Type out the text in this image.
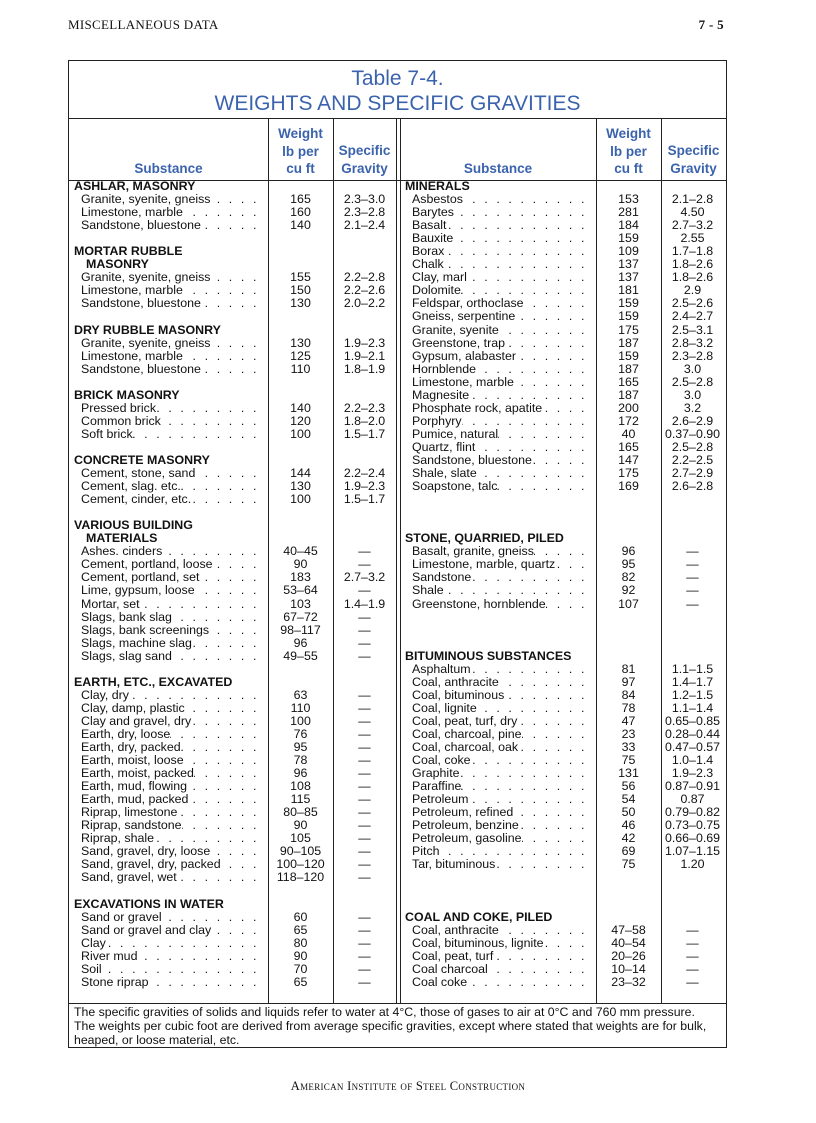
MISCELLANEOUS DATA	7 - 5
Table 7-4.
WEIGHTS AND SPECIFIC GRAVITIES
Substance
Weight
lb per
cu ft
Specific
Gravity	Substance
Weight
lb per
cu ft
Specific
Gravity
ASHLAR, MASONRY
Granite, syenite, gneiss . . .	165	2.3–3.0
Limestone, marble . . .	160	2.3–2.8
Sandstone, bluestone . . .	140	2.1–2.4
MORTAR RUBBLE
MASONRY
Granite, syenite, gneiss . . .	155	2.2–2.8
Limestone, marble . . .	150	2.2–2.6
Sandstone, bluestone . . .	130	2.0–2.2
DRY RUBBLE MASONRY
Granite, syenite, gneiss . . .	130	1.9–2.3
Limestone, marble . . .	125	1.9–2.1
Sandstone, bluestone . . .	110	1.8–1.9
BRICK MASONRY
Pressed brick . . .	140	2.2–2.3
Common brick . . .	120	1.8–2.0
Soft brick . . .	100	1.5–1.7
CONCRETE MASONRY
Cement, stone, sand . . .	144	2.2–2.4
Cement, slag. etc. . . .	130	1.9–2.3
Cement, cinder, etc. . . .	100	1.5–1.7
VARIOUS BUILDING
MATERIALS
Ashes. cinders . . .	40–45	—
Cement, portland, loose . . .	90	—
Cement, portland, set . . .	183	2.7–3.2
Lime, gypsum, loose . . .	53–64	—
Mortar, set . . .	103	1.4–1.9
Slags, bank slag . . .	67–72	—
Slags, bank screenings . . .	98–117	—
Slags, machine slag . . .	96	—
Slags, slag sand . . .	49–55	—
EARTH, ETC., EXCAVATED
Clay, dry . . .	63	—
Clay, damp, plastic . . .	110	—
Clay and gravel, dry . . .	100	—
Earth, dry, loose . . .	76	—
Earth, dry, packed . . .	95	—
Earth, moist, loose . . .	78	—
Earth, moist, packed . . .	96	—
Earth, mud, flowing . . .	108	—
Earth, mud, packed . . .	115	—
Riprap, limestone . . .	80–85	—
Riprap, sandstone . . .	90	—
Riprap, shale . . .	105	—
Sand, gravel, dry, loose . . .	90–105	—
Sand, gravel, dry, packed . . .	100–120	—
Sand, gravel, wet . . .	118–120	—
EXCAVATIONS IN WATER
Sand or gravel . . .	60	—
Sand or gravel and clay . . .	65	—
Clay . . .	80	—
River mud . . .	90	—
Soil . . .	70	—
Stone riprap . . .	65	—
MINERALS
Asbestos . . .	153	2.1–2.8
Barytes . . .	281	4.50
Basalt . . .	184	2.7–3.2
Bauxite . . .	159	2.55
Borax . . .	109	1.7–1.8
Chalk . . .	137	1.8–2.6
Clay, marl . . .	137	1.8–2.6
Dolomite . . .	181	2.9
Feldspar, orthoclase . . .	159	2.5–2.6
Gneiss, serpentine . . .	159	2.4–2.7
Granite, syenite . . .	175	2.5–3.1
Greenstone, trap . . .	187	2.8–3.2
Gypsum, alabaster . . .	159	2.3–2.8
Hornblende . . .	187	3.0
Limestone, marble . . .	165	2.5–2.8
Magnesite . . .	187	3.0
Phosphate rock, apatite . . .	200	3.2
Porphyry . . .	172	2.6–2.9
Pumice, natural . . .	40	0.37–0.90
Quartz, flint . . .	165	2.5–2.8
Sandstone, bluestone . . .	147	2.2–2.5
Shale, slate . . .	175	2.7–2.9
Soapstone, talc . . .	169	2.6–2.8
STONE, QUARRIED, PILED
Basalt, granite, gneiss . . .	96	—
Limestone, marble, quartz . . .	95	—
Sandstone . . .	82	—
Shale . . .	92	—
Greenstone, hornblende . . .	107	—
BITUMINOUS SUBSTANCES
Asphaltum . . .	81	1.1–1.5
Coal, anthracite . . .	97	1.4–1.7
Coal, bituminous . . .	84	1.2–1.5
Coal, lignite . . .	78	1.1–1.4
Coal, peat, turf, dry . . .	47	0.65–0.85
Coal, charcoal, pine . . .	23	0.28–0.44
Coal, charcoal, oak . . .	33	0.47–0.57
Coal, coke . . .	75	1.0–1.4
Graphite . . .	131	1.9–2.3
Paraffine . . .	56	0.87–0.91
Petroleum . . .	54	0.87
Petroleum, refined . . .	50	0.79–0.82
Petroleum, benzine . . .	46	0.73–0.75
Petroleum, gasoline . . .	42	0.66–0.69
Pitch . . .	69	1.07–1.15
Tar, bituminous . . .	75	1.20
COAL AND COKE, PILED
Coal, anthracite . . .	47–58	—
Coal, bituminous, lignite . . .	40–54	—
Coal, peat, turf . . .	20–26	—
Coal charcoal . . .	10–14	—
Coal coke . . .	23–32	—
The specific gravities of solids and liquids refer to water at 4°C, those of gases to air at 0°C and 760 mm pressure. The weights per cubic foot are derived from average specific gravities, except where stated that weights are for bulk, heaped, or loose material, etc.
American Institute of Steel Construction
